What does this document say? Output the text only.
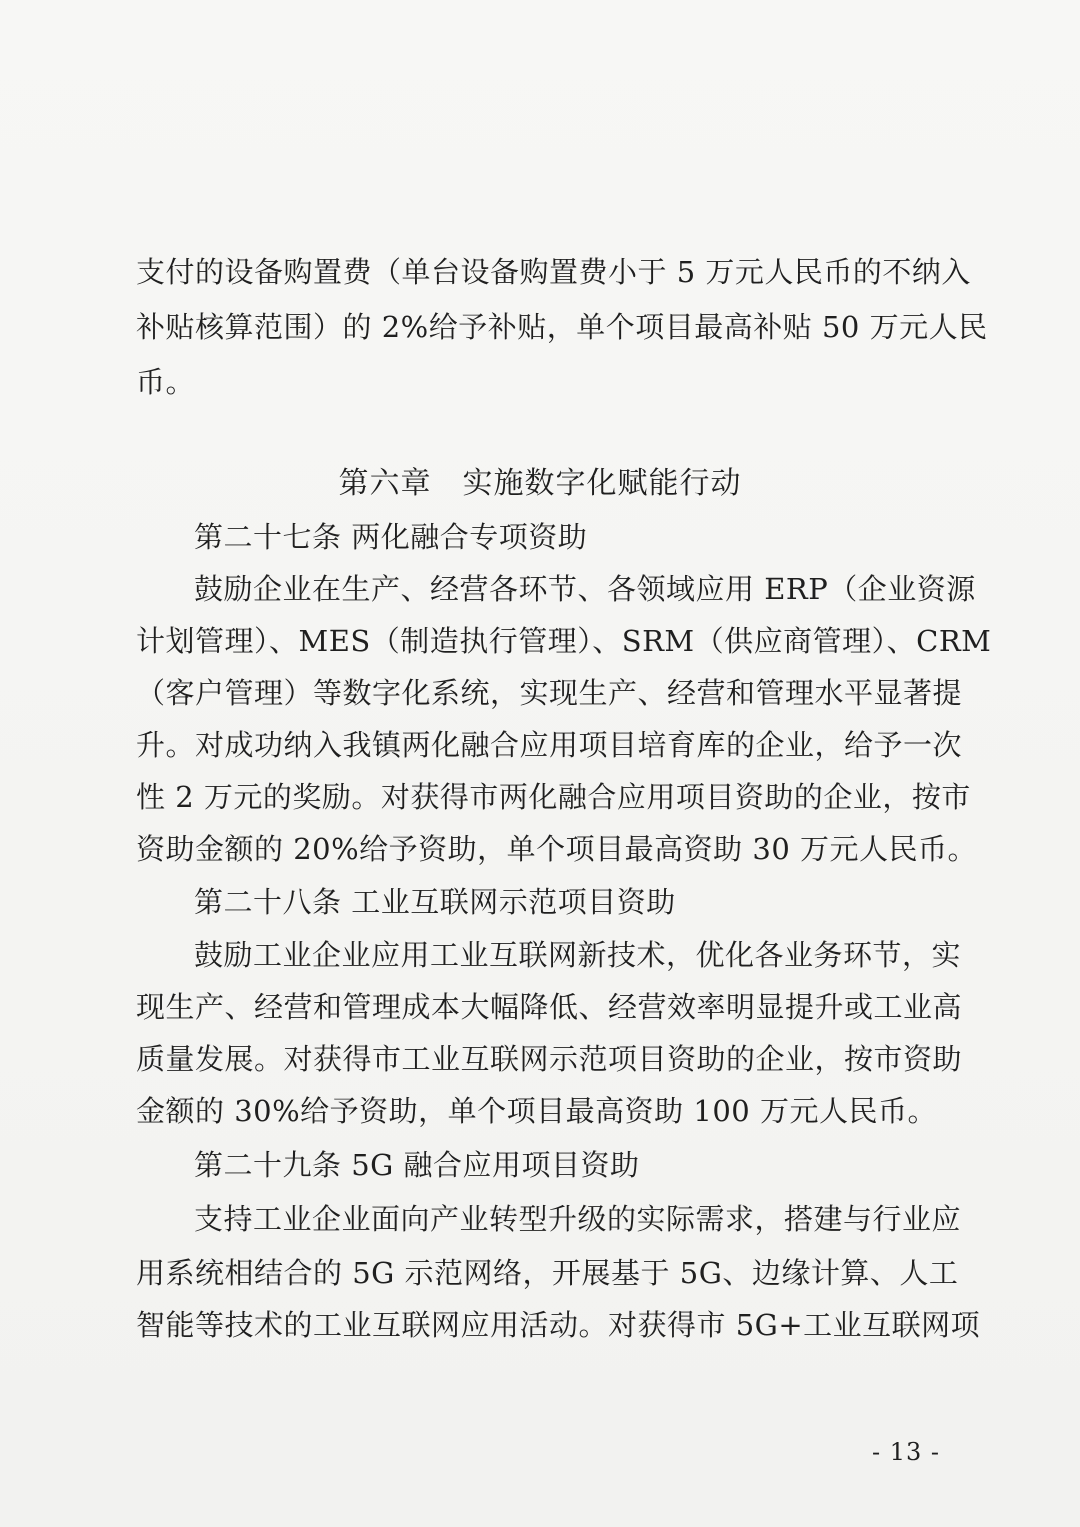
支付的设备购置费（单台设备购置费小于 5 万元人民币的不纳入
补贴核算范围）的 2%给予补贴，单个项目最高补贴 50 万元人民
币。
第六章　实施数字化赋能行动
第二十七条 两化融合专项资助
鼓励企业在生产、经营各环节、各领域应用 ERP（企业资源
计划管理）、MES（制造执行管理）、SRM（供应商管理）、CRM
（客户管理）等数字化系统，实现生产、经营和管理水平显著提
升。对成功纳入我镇两化融合应用项目培育库的企业，给予一次
性 2 万元的奖励。对获得市两化融合应用项目资助的企业，按市
资助金额的 20%给予资助，单个项目最高资助 30 万元人民币。
第二十八条 工业互联网示范项目资助
鼓励工业企业应用工业互联网新技术，优化各业务环节，实
现生产、经营和管理成本大幅降低、经营效率明显提升或工业高
质量发展。对获得市工业互联网示范项目资助的企业，按市资助
金额的 30%给予资助，单个项目最高资助 100 万元人民币。
第二十九条 5G 融合应用项目资助
支持工业企业面向产业转型升级的实际需求，搭建与行业应
用系统相结合的 5G 示范网络，开展基于 5G、边缘计算、人工
智能等技术的工业互联网应用活动。对获得市 5G+工业互联网项
- 13 -
